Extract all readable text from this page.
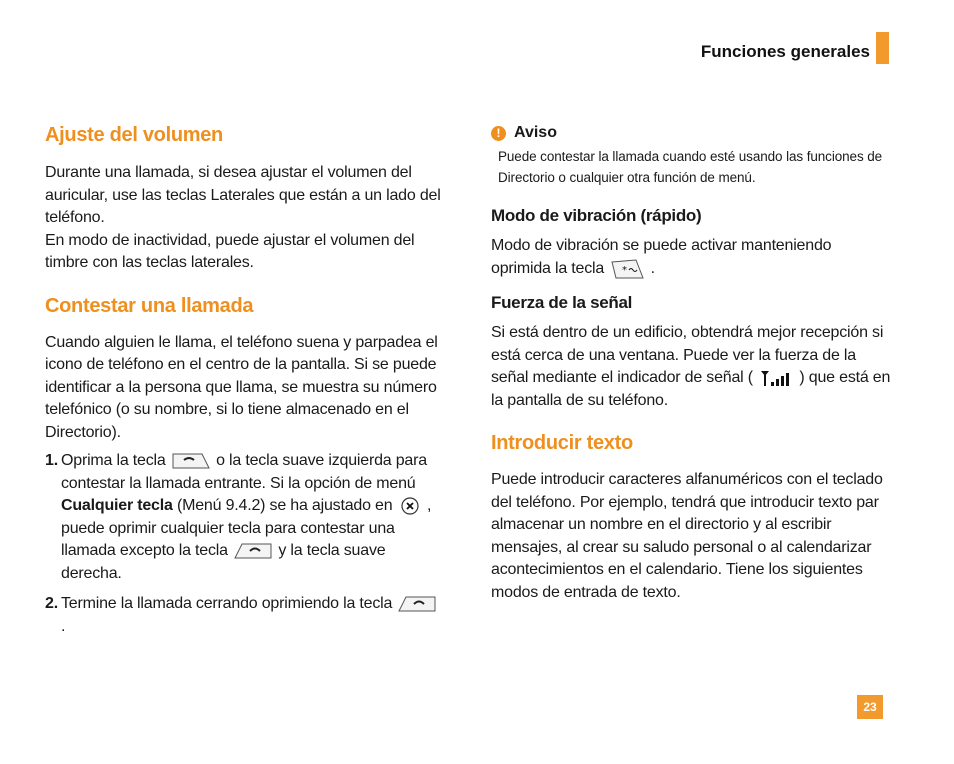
Funciones generales
Ajuste del volumen

Durante una llamada, si desea ajustar el volumen del auricular, use las teclas Laterales que están a un lado del teléfono.

En modo de inactividad, puede ajustar el volumen del timbre con las teclas laterales.

Contestar una llamada

Cuando alguien le llama, el teléfono suena y parpadea el icono de teléfono en el centro de la pantalla. Si se puede identificar a la persona que llama, se muestra su número telefónico (o su nombre, si lo tiene almacenado en el Directorio).

1. Oprima la tecla	o la tecla suave izquierda para contestar la llamada entrante. Si la opción de menú Cualquier tecla (Menú 9.4.2) se ha ajustado en , puede oprimir cualquier tecla para contestar una llamada excepto la tecla	y la tecla suave derecha.
2. Termine la llamada cerrando oprimiendo la tecla
.
! Aviso

Puede contestar la llamada cuando esté usando las funciones de Directorio o cualquier otra función de menú.

Modo de vibración (rápido)

Modo de vibración se puede activar manteniendo oprimida la tecla * .

Fuerza de la señal

Si está dentro de un edificio, obtendrá mejor recepción si está cerca de una ventana. Puede ver la fuerza de la señal mediante el indicador de señal (	) que está en la pantalla de su teléfono.

Introducir texto

Puede introducir caracteres alfanuméricos con el teclado del teléfono. Por ejemplo, tendrá que introducir texto par almacenar un nombre en el directorio y al escribir mensajes, al crear su saludo personal o al calendarizar acontecimientos en el calendario. Tiene los siguientes modos de entrada de texto.

23
